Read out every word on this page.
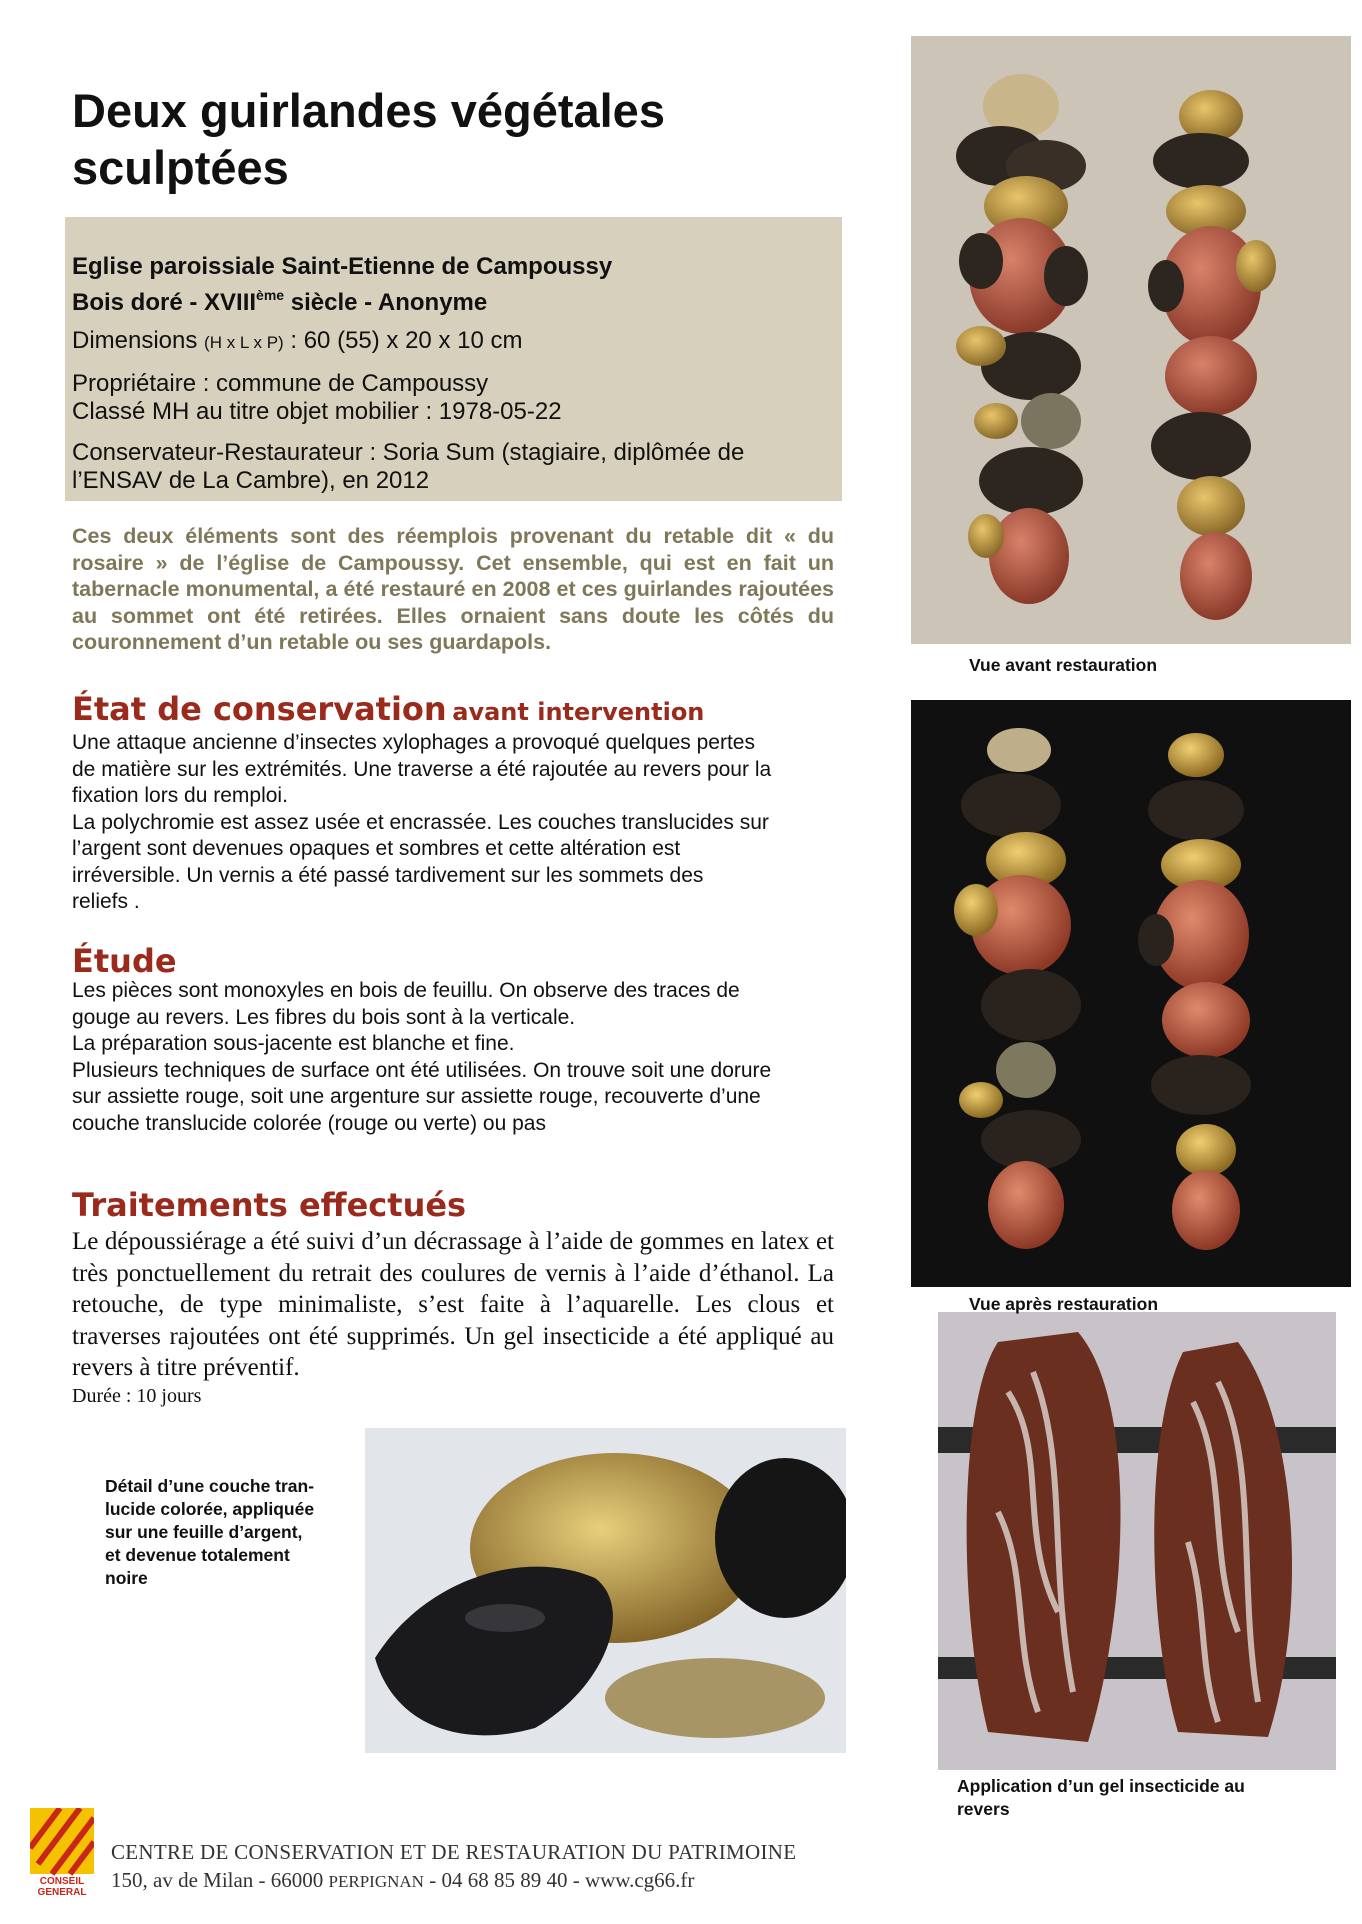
Deux guirlandes végétales
sculptées

Eglise paroissiale Saint-Etienne de Campoussy

Bois doré - XVIIIème siècle - Anonyme

Dimensions (H x L x P) : 60 (55) x 20 x 10 cm

Propriétaire : commune de Campoussy

Classé MH au titre objet mobilier : 1978-05-22

Conservateur-Restaurateur : Soria Sum (stagiaire, diplômée de

l’ENSAV de La Cambre), en 2012

Ces deux éléments sont des réemplois provenant du retable dit « du rosaire » de l’église de Campoussy. Cet ensemble, qui est en fait un tabernacle monumental, a été restauré en 2008 et ces guirlandes rajoutées au sommet ont été retirées. Elles ornaient sans doute les côtés du couronnement d’un retable ou ses guardapols.
État de conservation avant intervention
Une attaque ancienne d’insectes xylophages a provoqué quelques pertes
de matière sur les extrémités. Une traverse a été rajoutée au revers pour la
fixation lors du remploi.
La polychromie est assez usée et encrassée. Les couches translucides sur
l’argent sont devenues opaques et sombres et cette altération est
irréversible. Un vernis a été passé tardivement sur les sommets des
reliefs .
Étude
Les pièces sont monoxyles en bois de feuillu. On observe des traces de
gouge au revers. Les fibres du bois sont à la verticale.
La préparation sous-jacente est blanche et fine.
Plusieurs techniques de surface ont été utilisées. On trouve soit une dorure
sur assiette rouge, soit une argenture sur assiette rouge, recouverte d’une
couche translucide colorée (rouge ou verte) ou pas
Traitements effectués
Le dépoussiérage a été suivi d’un décrassage à l’aide de gommes en latex et très ponctuellement du retrait des coulures de vernis à l’aide d’éthanol. La retouche, de type minimaliste, s’est faite à l’aquarelle. Les clous et traverses rajoutées ont été supprimés. Un gel insecticide a été appliqué au revers à titre préventif.
Durée : 10 jours
Vue avant restauration
Vue après restauration
Application d’un gel insecticide au
revers
Détail d’une couche tran-
lucide colorée, appliquée
sur une feuille d’argent,
et devenue totalement
noire
CONSEIL
GENERAL
CENTRE DE CONSERVATION ET DE RESTAURATION DU PATRIMOINE
150, av de Milan - 66000 PERPIGNAN - 04 68 85 89 40 - www.cg66.fr
